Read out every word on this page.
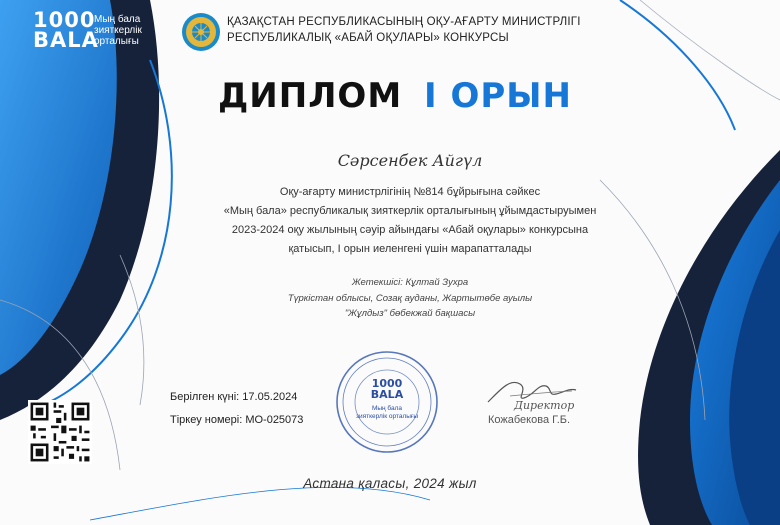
1000
BALA
Мың бала зияткерлік орталығы
ҚАЗАҚСТАН РЕСПУБЛИКАСЫНЫҢ ОҚУ-АҒАРТУ МИНИСТРЛІГІ
РЕСПУБЛИКАЛЫҚ «АБАЙ ОҚУЛАРЫ» КОНКУРСЫ
ДИПЛОМ І ОРЫН
Сәрсенбек Айгүл
Оқу-ағарту министрлігінің №814 бұйрығына сәйкес
«Мың бала» республикалық зияткерлік орталығының ұйымдастыруымен
2023-2024 оқу жылының сәуір айындағы «Абай оқулары» конкурсына
қатысып, І орын иеленгені үшін марапатталады
Жетекшісі: Кұлтай Зухра
Түркістан облысы, Созақ ауданы, Жартытөбе ауылы
"Жұлдыз" бөбекжай бақшасы
Берілген күні: 17.05.2024
Тіркеу номері: MO-025073
1000
BALA
Мың бала
зияткерлік орталығы
Директор
Кожабекова Г.Б.
Астана қаласы, 2024 жыл
